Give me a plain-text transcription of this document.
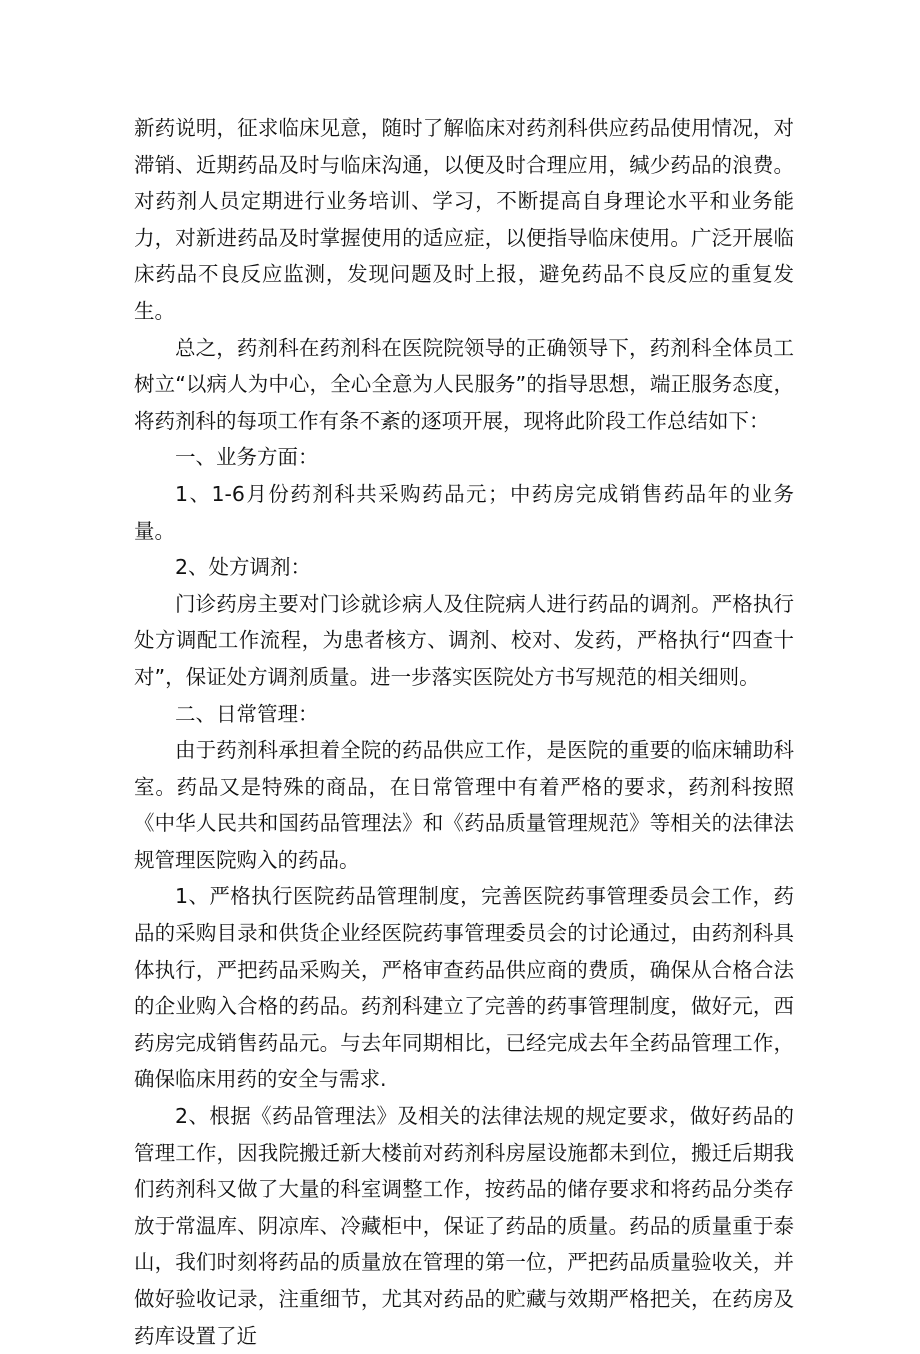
新药说明，征求临床见意，随时了解临床对药剂科供应药品使用情况，对滞销、近期药品及时与临床沟通，以便及时合理应用，缄少药品的浪费。对药剂人员定期进行业务培训、学习，不断提高自身理论水平和业务能力，对新进药品及时掌握使用的适应症，以便指导临床使用。广泛开展临床药品不良反应监测，发现问题及时上报，避免药品不良反应的重复发生。

总之，药剂科在药剂科在医院院领导的正确领导下，药剂科全体员工树立“以病人为中心，全心全意为人民服务”的指导思想，端正服务态度，将药剂科的每项工作有条不紊的逐项开展，现将此阶段工作总结如下：

一、业务方面：

1、1-6月份药剂科共采购药品元；中药房完成销售药品年的业务量。

2、处方调剂：

门诊药房主要对门诊就诊病人及住院病人进行药品的调剂。严格执行处方调配工作流程，为患者核方、调剂、校对、发药，严格执行“四查十对”，保证处方调剂质量。进一步落实医院处方书写规范的相关细则。

二、日常管理：

由于药剂科承担着全院的药品供应工作，是医院的重要的临床辅助科室。药品又是特殊的商品，在日常管理中有着严格的要求，药剂科按照《中华人民共和国药品管理法》和《药品质量管理规范》等相关的法律法规管理医院购入的药品。

1、严格执行医院药品管理制度，完善医院药事管理委员会工作，药品的采购目录和供货企业经医院药事管理委员会的讨论通过，由药剂科具体执行，严把药品采购关，严格审查药品供应商的费质，确保从合格合法的企业购入合格的药品。药剂科建立了完善的药事管理制度，做好元，西药房完成销售药品元。与去年同期相比，已经完成去年全药品管理工作，确保临床用药的安全与需求.

2、根据《药品管理法》及相关的法律法规的规定要求，做好药品的管理工作，因我院搬迁新大楼前对药剂科房屋设施都未到位，搬迁后期我们药剂科又做了大量的科室调整工作，按药品的储存要求和将药品分类存放于常温库、阴凉库、冷藏柜中，保证了药品的质量。药品的质量重于泰山，我们时刻将药品的质量放在管理的第一位，严把药品质量验收关，并做好验收记录，注重细节，尤其对药品的贮藏与效期严格把关，在药房及药库设置了近
